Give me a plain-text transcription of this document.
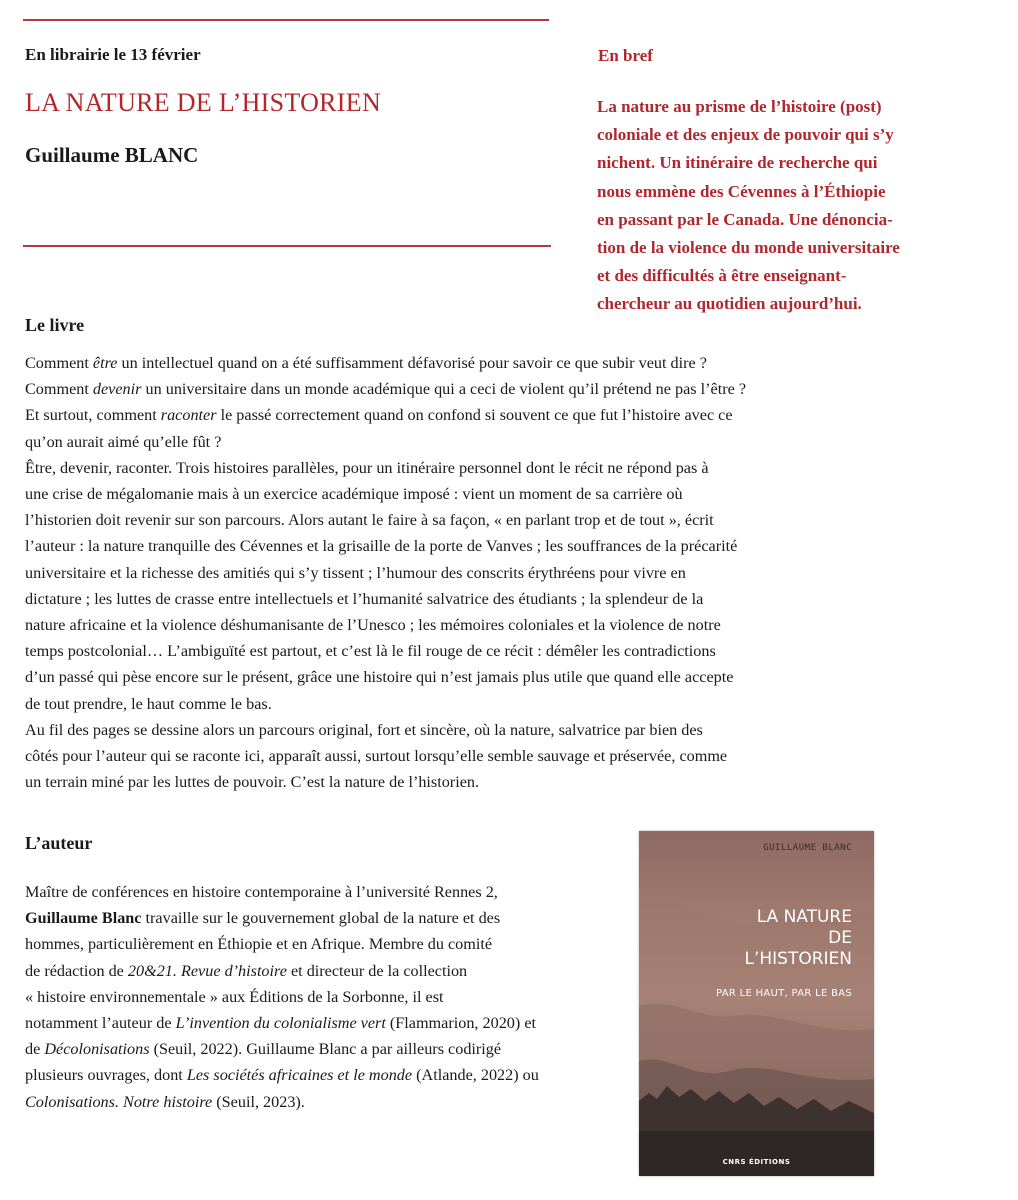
En librairie le 13 février
LA NATURE DE L’HISTORIEN
Guillaume BLANC
En bref
La nature au prisme de l’histoire (post)
coloniale et des enjeux de pouvoir qui s’y
nichent. Un itinéraire de recherche qui
nous emmène des Cévennes à l’Éthiopie
en passant par le Canada. Une dénoncia-
tion de la violence du monde universitaire
et des difficultés à être enseignant-
chercheur au quotidien aujourd’hui.
Le livre
Comment être un intellectuel quand on a été suffisamment défavorisé pour savoir ce que subir veut dire ?
Comment devenir un universitaire dans un monde académique qui a ceci de violent qu’il prétend ne pas l’être ?
Et surtout, comment raconter le passé correctement quand on confond si souvent ce que fut l’histoire avec ce
qu’on aurait aimé qu’elle fût ?
Être, devenir, raconter. Trois histoires parallèles, pour un itinéraire personnel dont le récit ne répond pas à
une crise de mégalomanie mais à un exercice académique imposé : vient un moment de sa carrière où
l’historien doit revenir sur son parcours. Alors autant le faire à sa façon, « en parlant trop et de tout », écrit
l’auteur : la nature tranquille des Cévennes et la grisaille de la porte de Vanves ; les souffrances de la précarité
universitaire et la richesse des amitiés qui s’y tissent ; l’humour des conscrits érythréens pour vivre en
dictature ; les luttes de crasse entre intellectuels et l’humanité salvatrice des étudiants ; la splendeur de la
nature africaine et la violence déshumanisante de l’Unesco ; les mémoires coloniales et la violence de notre
temps postcolonial… L’ambiguïté est partout, et c’est là le fil rouge de ce récit : démêler les contradictions
d’un passé qui pèse encore sur le présent, grâce une histoire qui n’est jamais plus utile que quand elle accepte
de tout prendre, le haut comme le bas.
Au fil des pages se dessine alors un parcours original, fort et sincère, où la nature, salvatrice par bien des
côtés pour l’auteur qui se raconte ici, apparaît aussi, surtout lorsqu’elle semble sauvage et préservée, comme
un terrain miné par les luttes de pouvoir. C’est la nature de l’historien.
L’auteur
Maître de conférences en histoire contemporaine à l’université Rennes 2,
Guillaume Blanc travaille sur le gouvernement global de la nature et des
hommes, particulièrement en Éthiopie et en Afrique. Membre du comité
de rédaction de 20&21. Revue d’histoire et directeur de la collection
« histoire environnementale » aux Éditions de la Sorbonne, il est
notamment l’auteur de L’invention du colonialisme vert (Flammarion, 2020) et
de Décolonisations (Seuil, 2022). Guillaume Blanc a par ailleurs codirigé
plusieurs ouvrages, dont Les sociétés africaines et le monde (Atlande, 2022) ou
Colonisations. Notre histoire (Seuil, 2023).
GUILLAUME BLANC
LA NATURE
DE
L’HISTORIEN
PAR LE HAUT, PAR LE BAS
CNRS ÉDITIONS
